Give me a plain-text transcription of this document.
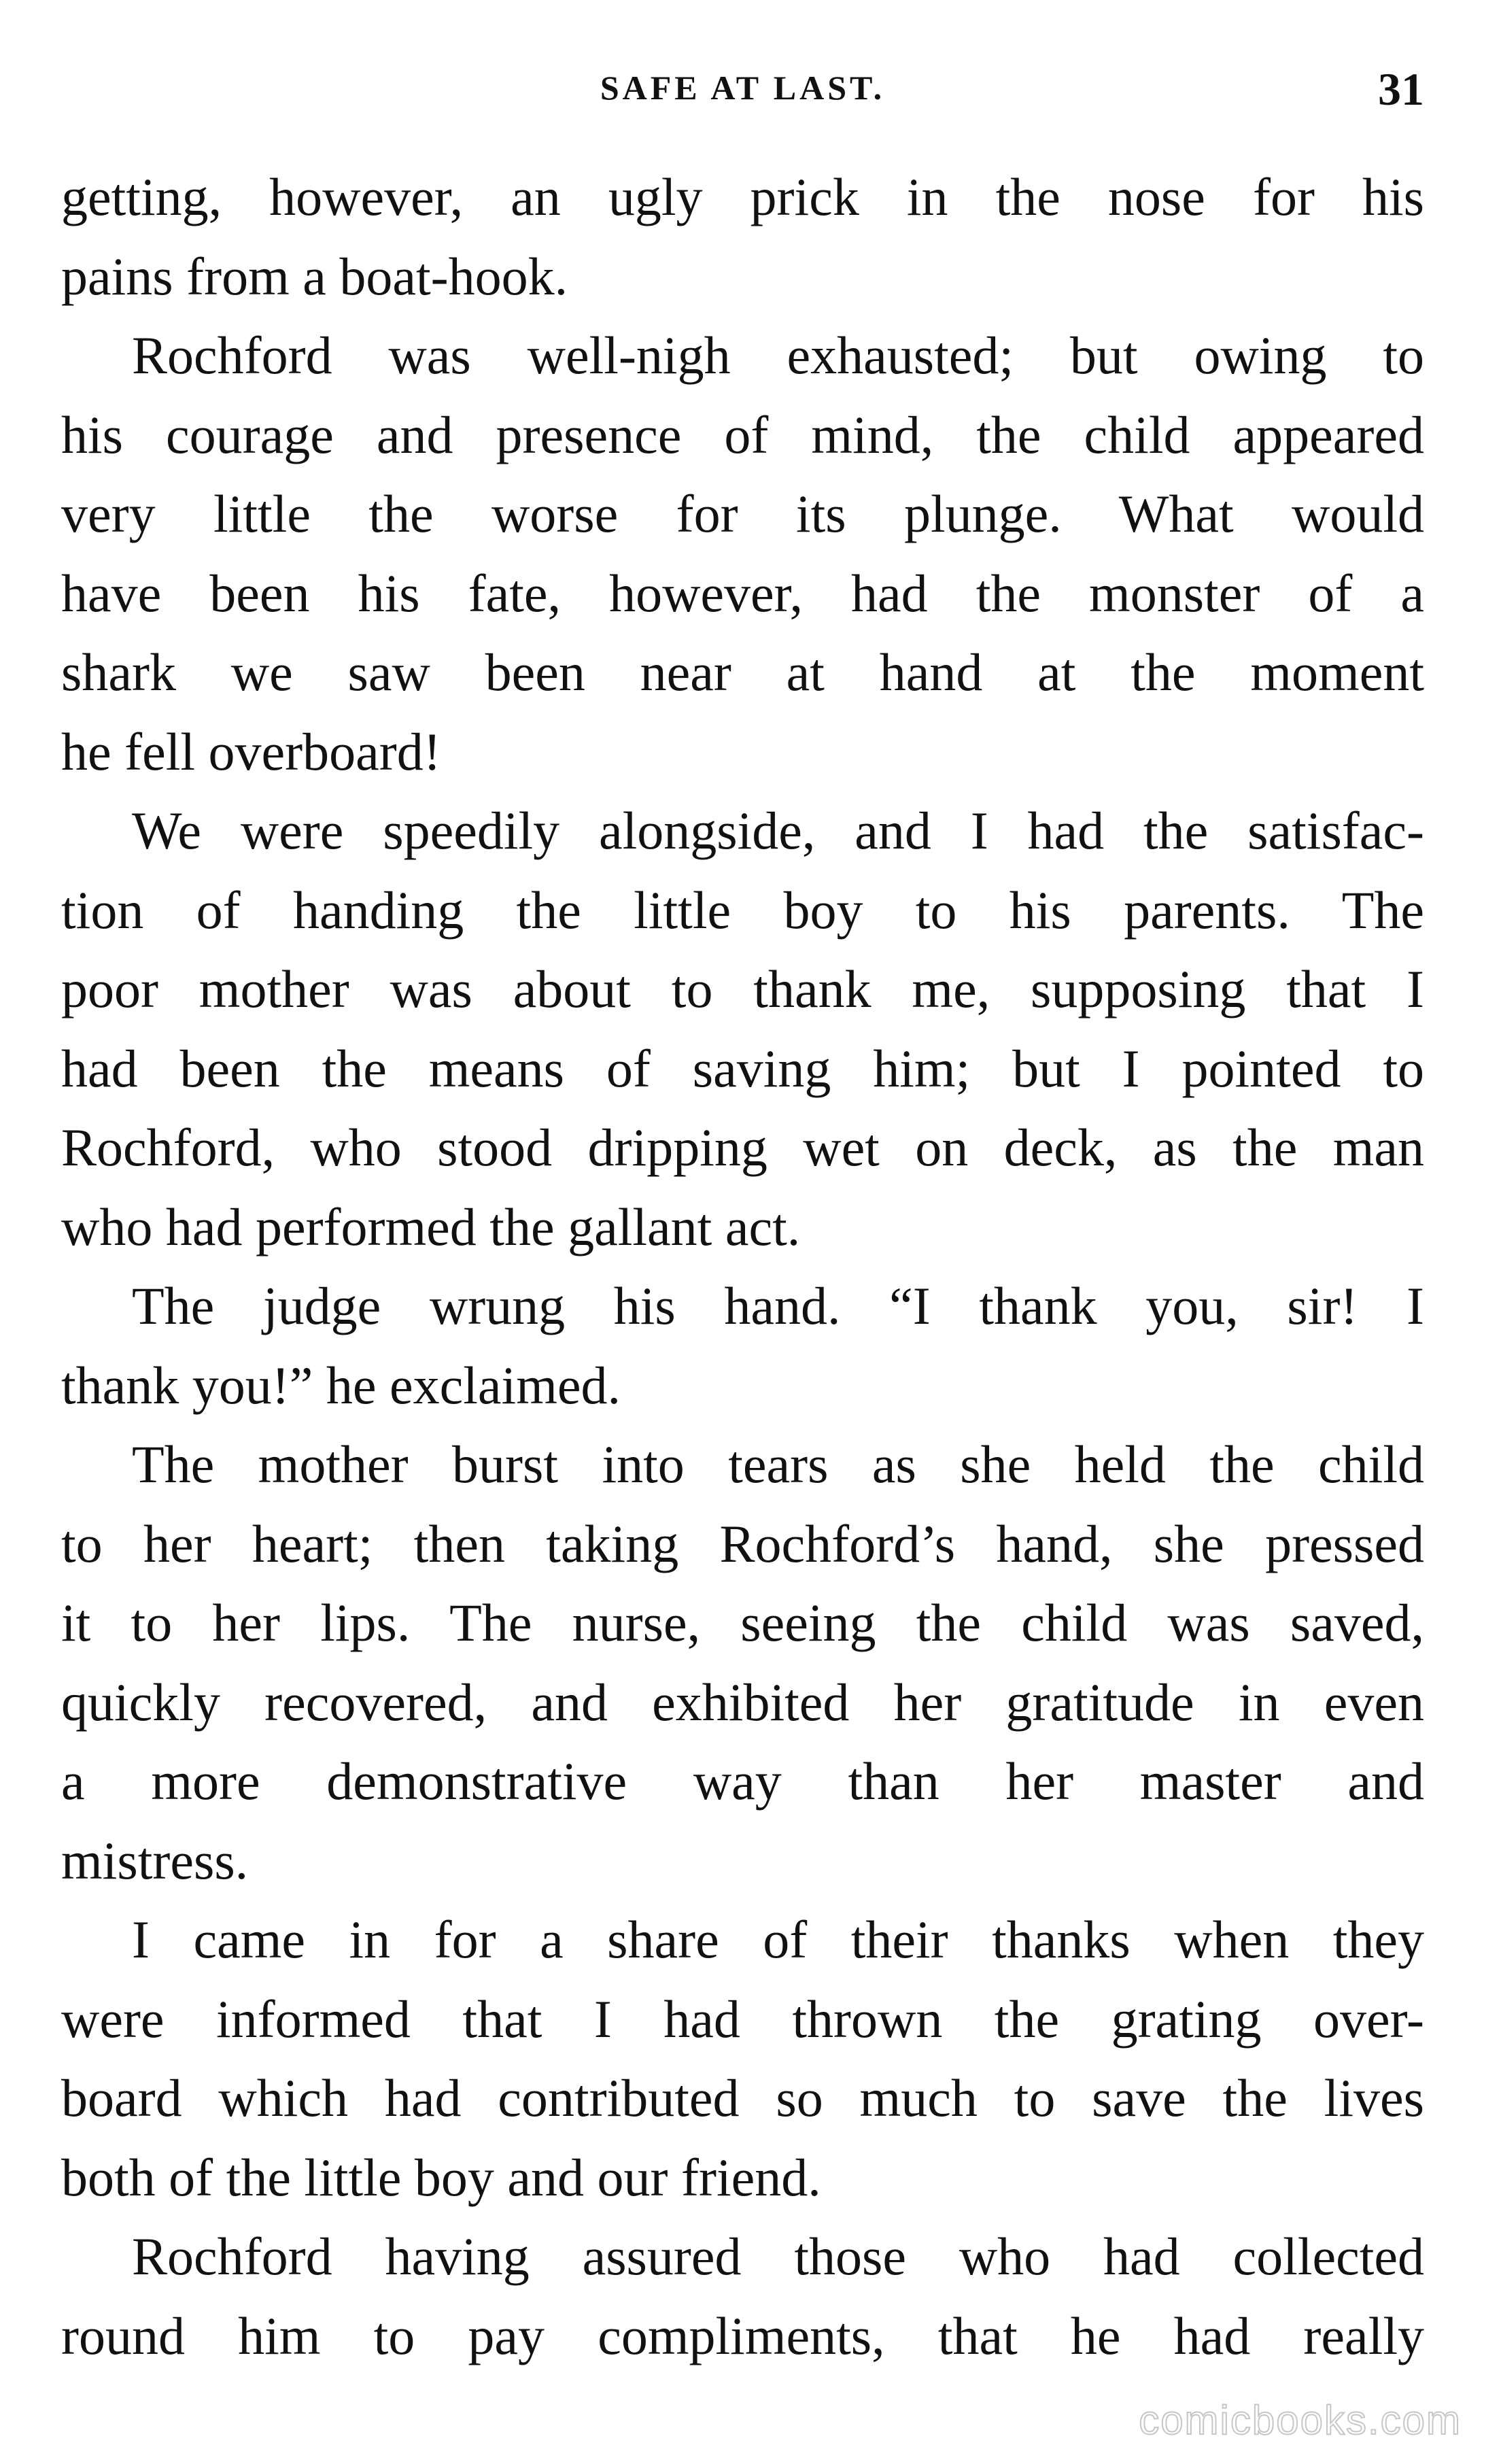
SAFE AT LAST.	31
getting, however, an ugly prick in the nose for his
pains from a boat-hook.
Rochford was well-nigh exhausted; but owing to
his courage and presence of mind, the child appeared
very little the worse for its plunge. What would
have been his fate, however, had the monster of a
shark we saw been near at hand at the moment
he fell overboard!
We were speedily alongside, and I had the satisfac-
tion of handing the little boy to his parents. The
poor mother was about to thank me, supposing that I
had been the means of saving him; but I pointed to
Rochford, who stood dripping wet on deck, as the man
who had performed the gallant act.
The judge wrung his hand. “I thank you, sir! I
thank you!” he exclaimed.
The mother burst into tears as she held the child
to her heart; then taking Rochford’s hand, she pressed
it to her lips. The nurse, seeing the child was saved,
quickly recovered, and exhibited her gratitude in even
a more demonstrative way than her master and
mistress.
I came in for a share of their thanks when they
were informed that I had thrown the grating over-
board which had contributed so much to save the lives
both of the little boy and our friend.
Rochford having assured those who had collected
round him to pay compliments, that he had really
comicbooks.com
